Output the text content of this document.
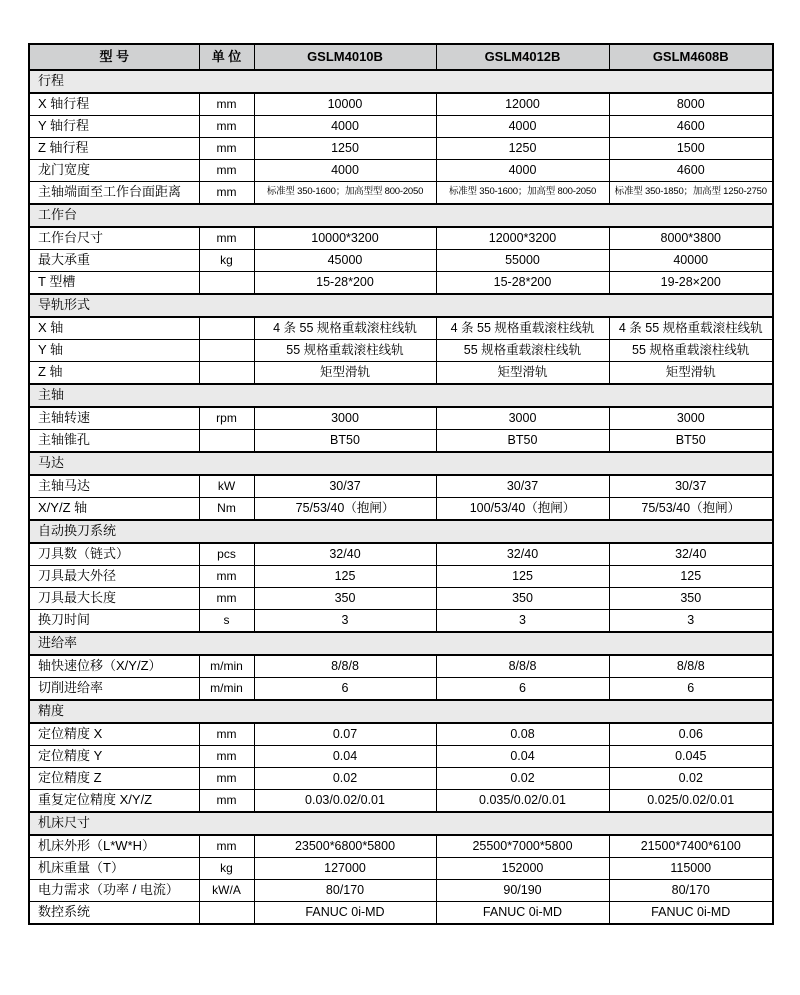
型 号	单 位	GSLM4010B	GSLM4012B	GSLM4608B
行程				
X 轴行程	mm	10000	12000	8000
Y 轴行程	mm	4000	4000	4600
Z 轴行程	mm	1250	1250	1500
龙门宽度	mm	4000	4000	4600
主轴端面至工作台面距离	mm	标准型 350-1600；加高型型 800-2050	标准型 350-1600；加高型 800-2050	标准型 350-1850；加高型 1250-2750
工作台				
工作台尺寸	mm	10000*3200	12000*3200	8000*3800
最大承重	kg	45000	55000	40000
T 型槽		15-28*200	15-28*200	19-28×200
导轨形式				
X 轴		4 条 55 规格重载滚柱线轨	4 条 55 规格重载滚柱线轨	4 条 55 规格重载滚柱线轨
Y 轴		55 规格重载滚柱线轨	55 规格重载滚柱线轨	55 规格重载滚柱线轨
Z 轴		矩型滑轨	矩型滑轨	矩型滑轨
主轴				
主轴转速	rpm	3000	3000	3000
主轴锥孔		BT50	BT50	BT50
马达				
主轴马达	kW	30/37	30/37	30/37
X/Y/Z 轴	Nm	75/53/40（抱闸）	100/53/40（抱闸）	75/53/40（抱闸）
自动换刀系统				
刀具数（链式）	pcs	32/40	32/40	32/40
刀具最大外径	mm	125	125	125
刀具最大长度	mm	350	350	350
换刀时间	s	3	3	3
进给率				
轴快速位移（X/Y/Z）	m/min	8/8/8	8/8/8	8/8/8
切削进给率	m/min	6	6	6
精度				
定位精度 X	mm	0.07	0.08	0.06
定位精度 Y	mm	0.04	0.04	0.045
定位精度 Z	mm	0.02	0.02	0.02
重复定位精度 X/Y/Z	mm	0.03/0.02/0.01	0.035/0.02/0.01	0.025/0.02/0.01
机床尺寸				
机床外形（L*W*H）	mm	23500*6800*5800	25500*7000*5800	21500*7400*6100
机床重量（T）	kg	127000	152000	115000
电力需求（功率 / 电流）	kW/A	80/170	90/190	80/170
数控系统		FANUC 0i-MD	FANUC 0i-MD	FANUC 0i-MD
